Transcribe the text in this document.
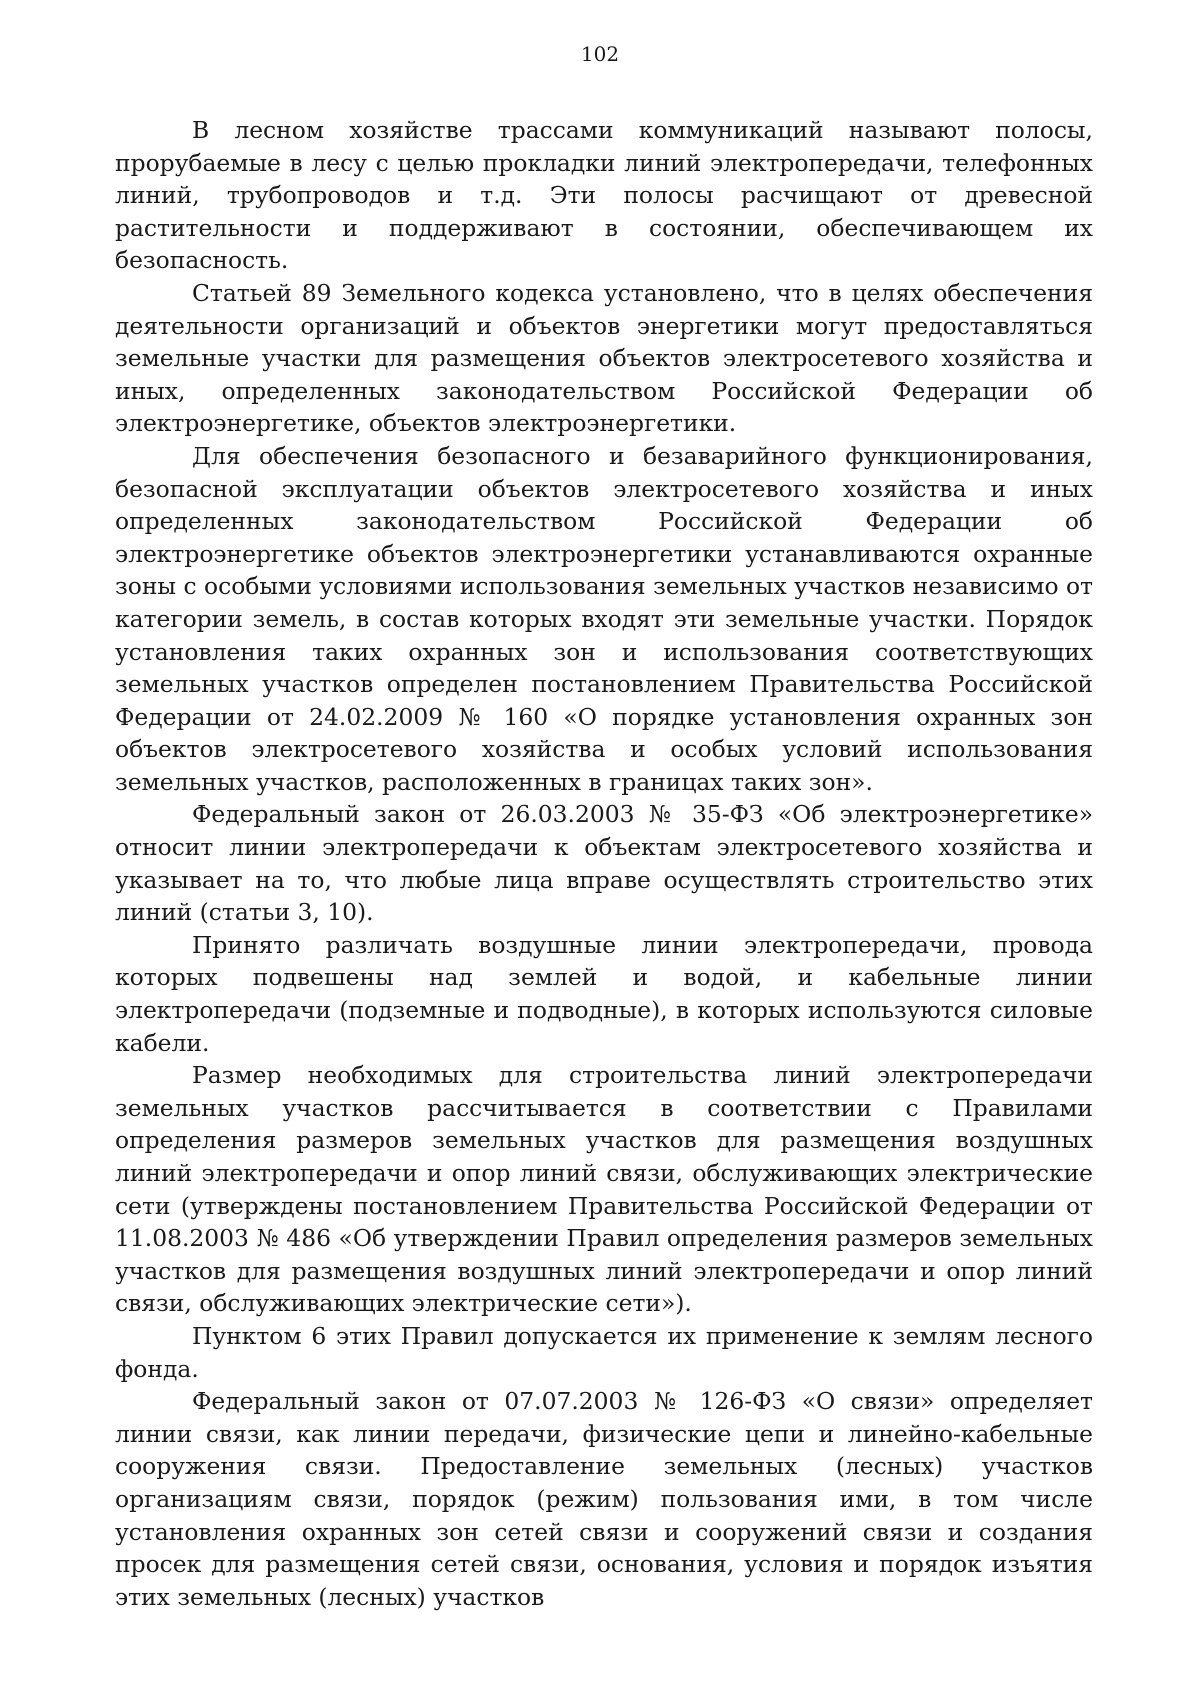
102

В лесном хозяйстве трассами коммуникаций называют полосы, прорубаемые в лесу с целью прокладки линий электропередачи, телефонных линий, трубопроводов и т.д. Эти полосы расчищают от древесной растительности и поддерживают в состоянии, обеспечивающем их безопасность.

Статьей 89 Земельного кодекса установлено, что в целях обеспечения деятельности организаций и объектов энергетики могут предоставляться земельные участки для размещения объектов электросетевого хозяйства и иных, определенных законодательством Российской Федерации об электроэнергетике, объектов электроэнергетики.

Для обеспечения безопасного и безаварийного функционирования, безопасной эксплуатации объектов электросетевого хозяйства и иных определенных законодательством Российской Федерации об электроэнергетике объектов электроэнергетики устанавливаются охранные зоны с особыми условиями использования земельных участков независимо от категории земель, в состав которых входят эти земельные участки. Порядок установления таких охранных зон и использования соответствующих земельных участков определен постановлением Правительства Российской Федерации от 24.02.2009 № 160 «О порядке установления охранных зон объектов электросетевого хозяйства и особых условий использования земельных участков, расположенных в границах таких зон».

Федеральный закон от 26.03.2003 № 35-ФЗ «Об электроэнергетике» относит линии электропередачи к объектам электросетевого хозяйства и указывает на то, что любые лица вправе осуществлять строительство этих линий (статьи 3, 10).

Принято различать воздушные линии электропередачи, провода которых подвешены над землей и водой, и кабельные линии электропередачи (подземные и подводные), в которых используются силовые кабели.

Размер необходимых для строительства линий электропередачи земельных участков рассчитывается в соответствии с Правилами определения размеров земельных участков для размещения воздушных линий электропередачи и опор линий связи, обслуживающих электрические сети (утверждены постановлением Правительства Российской Федерации от 11.08.2003 № 486 «Об утверждении Правил определения размеров земельных участков для размещения воздушных линий электропередачи и опор линий связи, обслуживающих электрические сети»).

Пунктом 6 этих Правил допускается их применение к землям лесного фонда.

Федеральный закон от 07.07.2003 № 126-ФЗ «О связи» определяет линии связи, как линии передачи, физические цепи и линейно-кабельные сооружения связи. Предоставление земельных (лесных) участков организациям связи, порядок (режим) пользования ими, в том числе установления охранных зон сетей связи и сооружений связи и создания просек для размещения сетей связи, основания, условия и порядок изъятия этих земельных (лесных) участков
